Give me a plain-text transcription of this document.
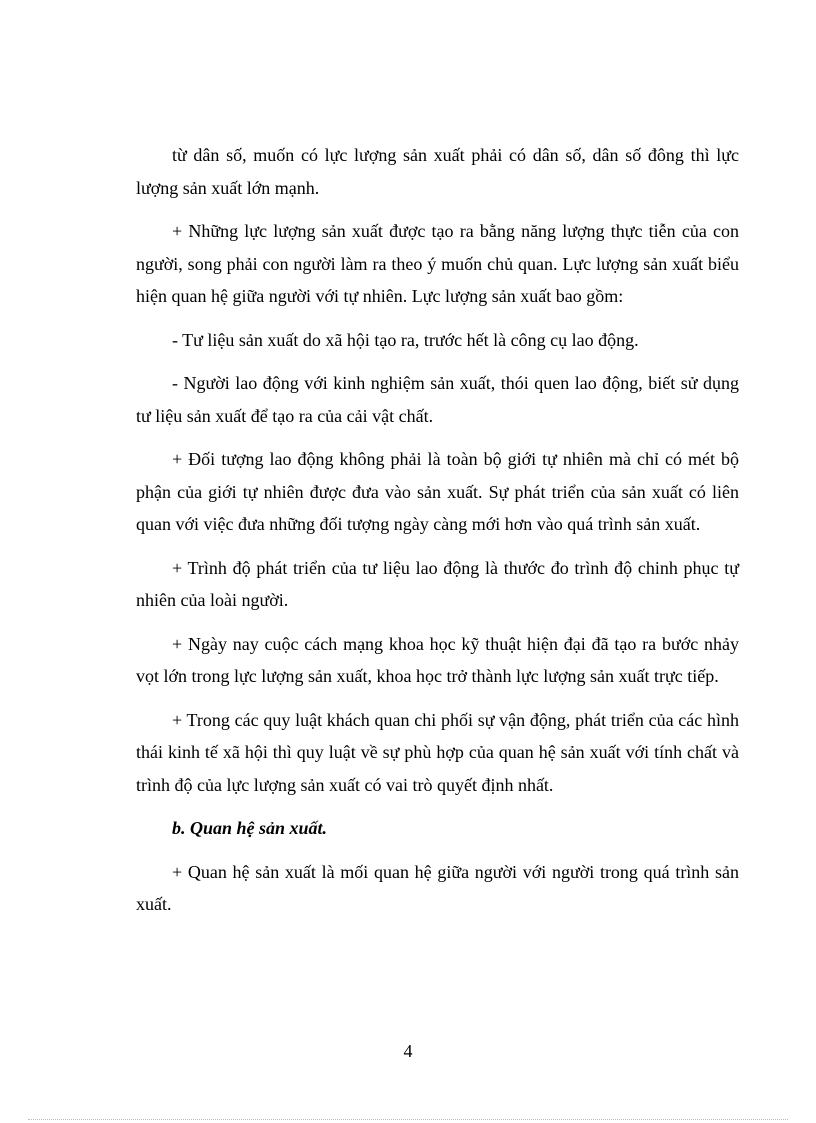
từ dân số, muốn có lực lượng sản xuất phải có dân số, dân số đông thì lực lượng sản xuất lớn mạnh.

+ Những lực lượng sản xuất được tạo ra bằng năng lượng thực tiễn của con người, song phải con người làm ra theo ý muốn chủ quan. Lực lượng sản xuất biểu hiện quan hệ giữa người với tự nhiên. Lực lượng sản xuất bao gồm:

- Tư liệu sản xuất do xã hội tạo ra, trước hết là công cụ lao động.

- Người lao động với kinh nghiệm sản xuất, thói quen lao động, biết sử dụng tư liệu sản xuất để tạo ra của cải vật chất.

+ Đối tượng lao động không phải là toàn bộ giới tự nhiên mà chỉ có mét bộ phận của giới tự nhiên được đưa vào sản xuất. Sự phát triển của sản xuất có liên quan với việc đưa những đối tượng ngày càng mới hơn vào quá trình sản xuất.

+ Trình độ phát triển của tư liệu lao động là thước đo trình độ chinh phục tự nhiên của loài người.

+ Ngày nay cuộc cách mạng khoa học kỹ thuật hiện đại đã tạo ra bước nhảy vọt lớn trong lực lượng sản xuất, khoa học trở thành lực lượng sản xuất trực tiếp.

+ Trong các quy luật khách quan chi phối sự vận động, phát triển của các hình thái kinh tế xã hội thì quy luật về sự phù hợp của quan hệ sản xuất với tính chất và trình độ của lực lượng sản xuất có vai trò quyết định nhất.

b. Quan hệ sản xuất.

+ Quan hệ sản xuất là mối quan hệ giữa người với người trong quá trình sản xuất.

4
